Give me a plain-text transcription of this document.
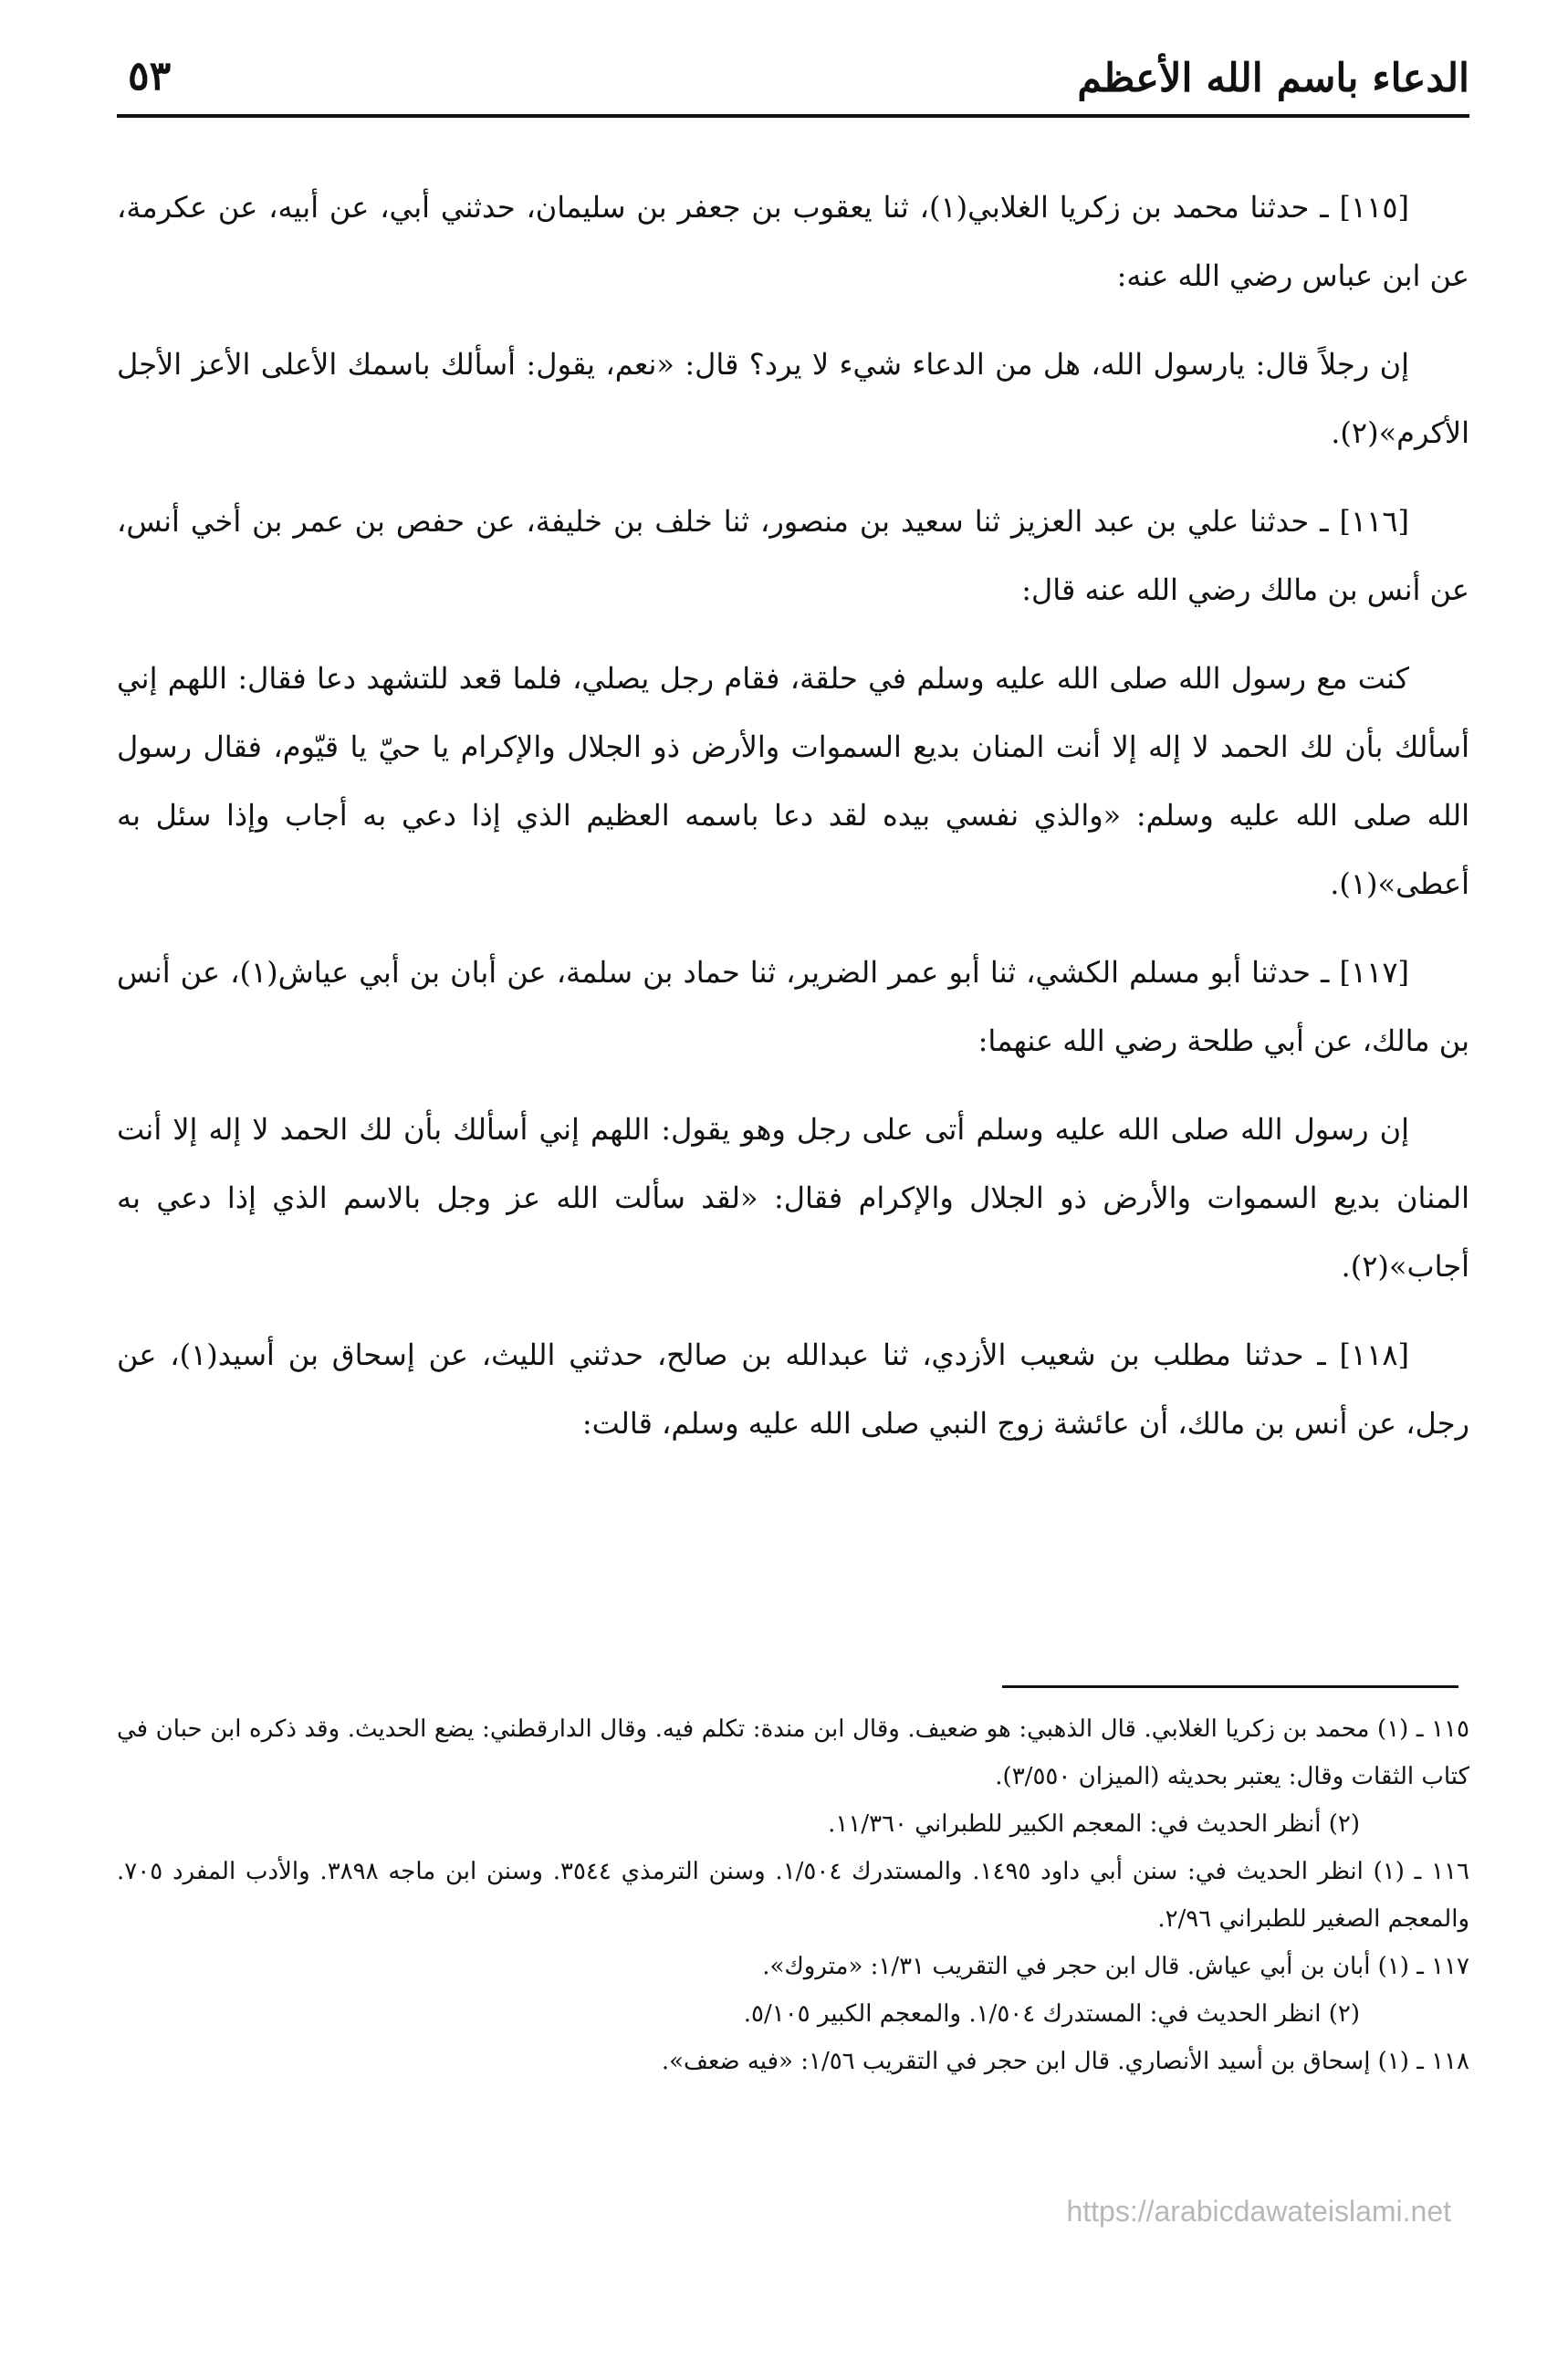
الدعاء باسم الله الأعظم
٥٣

[١١٥] ـ حدثنا محمد بن زكريا الغلابي(١)، ثنا يعقوب بن جعفر بن سليمان، حدثني أبي، عن أبيه، عن عكرمة، عن ابن عباس رضي الله عنه:

إن رجلاً قال: يارسول الله، هل من الدعاء شيء لا يرد؟ قال: «نعم، يقول: أسألك باسمك الأعلى الأعز الأجل الأكرم»(٢).

[١١٦] ـ حدثنا علي بن عبد العزيز ثنا سعيد بن منصور، ثنا خلف بن خليفة، عن حفص بن عمر بن أخي أنس، عن أنس بن مالك رضي الله عنه قال:

كنت مع رسول الله صلى الله عليه وسلم في حلقة، فقام رجل يصلي، فلما قعد للتشهد دعا فقال: اللهم إني أسألك بأن لك الحمد لا إله إلا أنت المنان بديع السموات والأرض ذو الجلال والإكرام يا حيّ يا قيّوم، فقال رسول الله صلى الله عليه وسلم: «والذي نفسي بيده لقد دعا باسمه العظيم الذي إذا دعي به أجاب وإذا سئل به أعطى»(١).

[١١٧] ـ حدثنا أبو مسلم الكشي، ثنا أبو عمر الضرير، ثنا حماد بن سلمة، عن أبان بن أبي عياش(١)، عن أنس بن مالك، عن أبي طلحة رضي الله عنهما:

إن رسول الله صلى الله عليه وسلم أتى على رجل وهو يقول: اللهم إني أسألك بأن لك الحمد لا إله إلا أنت المنان بديع السموات والأرض ذو الجلال والإكرام فقال: «لقد سألت الله عز وجل بالاسم الذي إذا دعي به أجاب»(٢).

[١١٨] ـ حدثنا مطلب بن شعيب الأزدي، ثنا عبدالله بن صالح، حدثني الليث، عن إسحاق بن أسيد(١)، عن رجل، عن أنس بن مالك، أن عائشة زوج النبي صلى الله عليه وسلم، قالت:

١١٥ ـ (١) محمد بن زكريا الغلابي. قال الذهبي: هو ضعيف. وقال ابن مندة: تكلم فيه. وقال الدارقطني: يضع الحديث. وقد ذكره ابن حبان في كتاب الثقات وقال: يعتبر بحديثه (الميزان ٣/٥٥٠).

(٢) أنظر الحديث في: المعجم الكبير للطبراني ١١/٣٦٠.

١١٦ ـ (١) انظر الحديث في: سنن أبي داود ١٤٩٥. والمستدرك ١/٥٠٤. وسنن الترمذي ٣٥٤٤. وسنن ابن ماجه ٣٨٩٨. والأدب المفرد ٧٠٥. والمعجم الصغير للطبراني ٢/٩٦.

١١٧ ـ (١) أبان بن أبي عياش. قال ابن حجر في التقريب ١/٣١: «متروك».

(٢) انظر الحديث في: المستدرك ١/٥٠٤. والمعجم الكبير ٥/١٠٥.

١١٨ ـ (١) إسحاق بن أسيد الأنصاري. قال ابن حجر في التقريب ١/٥٦: «فيه ضعف».

https://arabicdawateislami.net
